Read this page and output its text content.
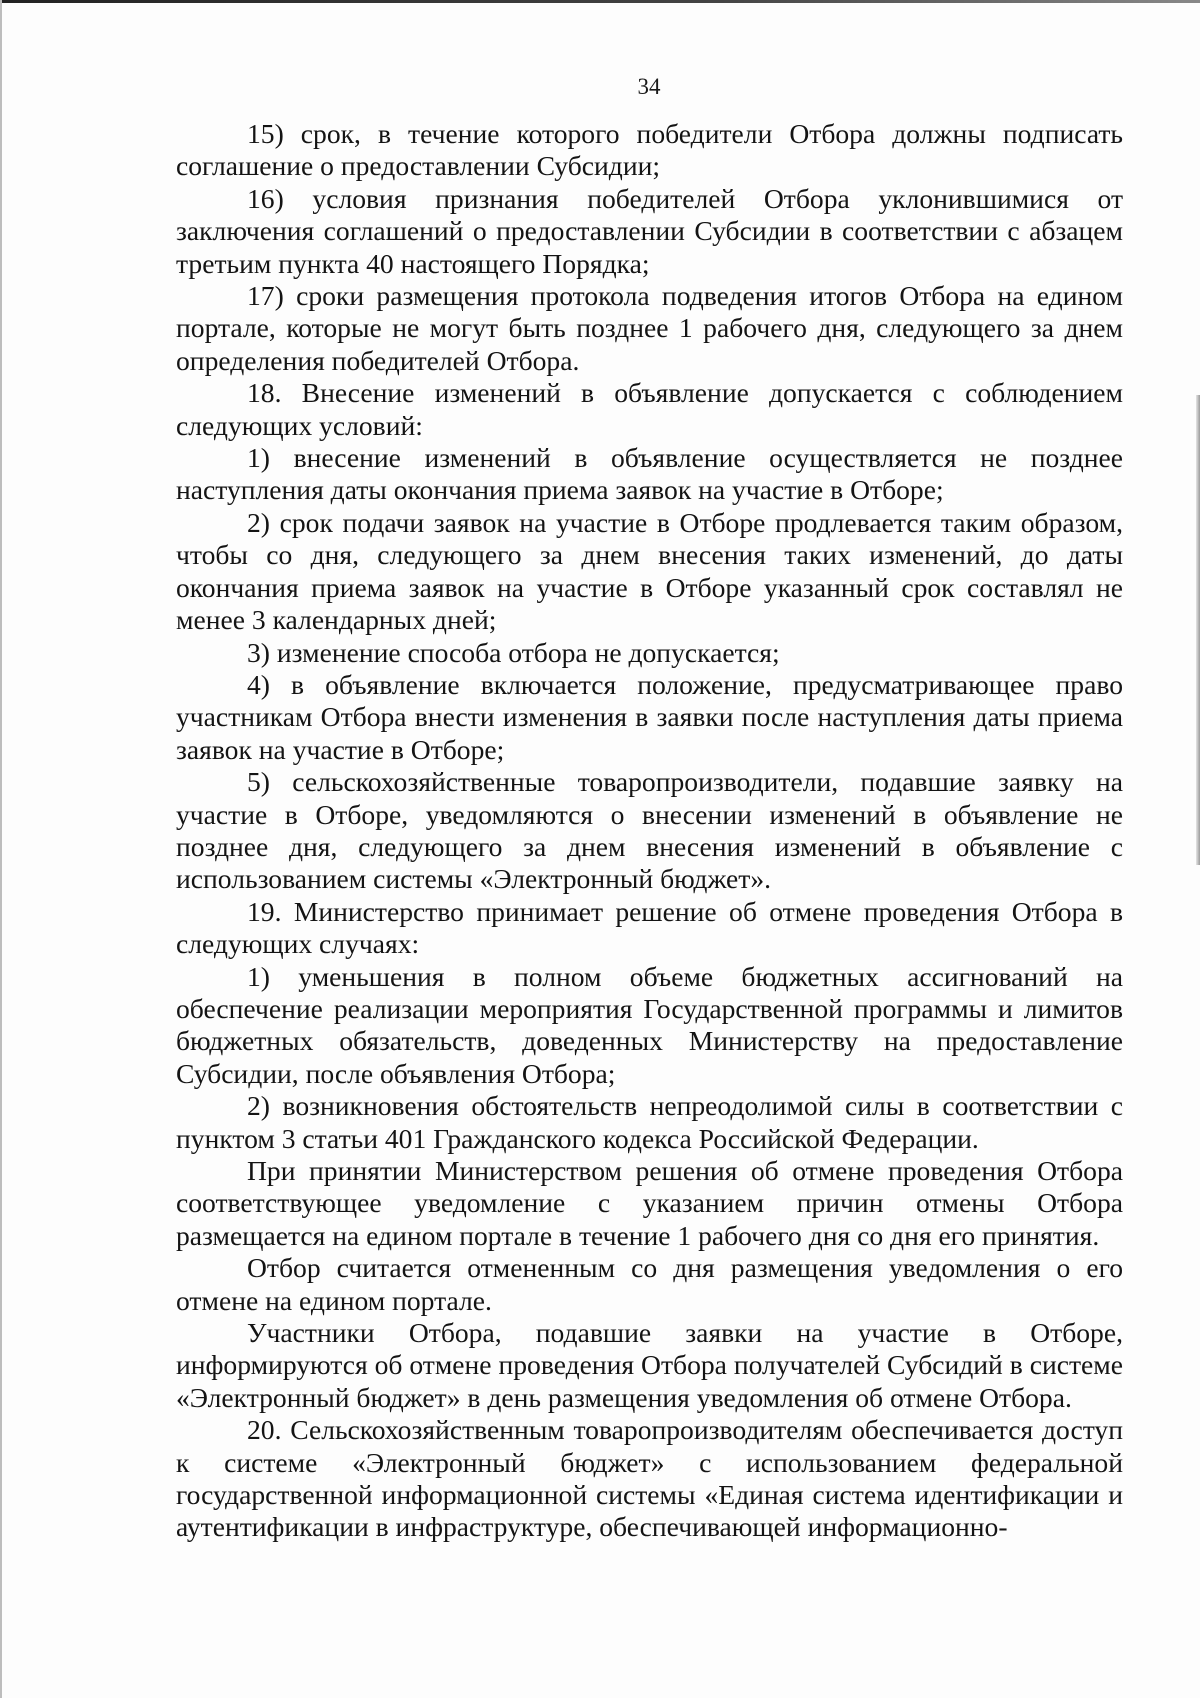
34

15) срок, в течение которого победители Отбора должны подписать соглашение о предоставлении Субсидии;

16) условия признания победителей Отбора уклонившимися от заключения соглашений о предоставлении Субсидии в соответствии с абзацем третьим пункта 40 настоящего Порядка;

17) сроки размещения протокола подведения итогов Отбора на едином портале, которые не могут быть позднее 1 рабочего дня, следующего за днем определения победителей Отбора.

18. Внесение изменений в объявление допускается с соблюдением следующих условий:

1) внесение изменений в объявление осуществляется не позднее наступления даты окончания приема заявок на участие в Отборе;

2) срок подачи заявок на участие в Отборе продлевается таким образом, чтобы со дня, следующего за днем внесения таких изменений, до даты окончания приема заявок на участие в Отборе указанный срок составлял не менее 3 календарных дней;

3) изменение способа отбора не допускается;

4) в объявление включается положение, предусматривающее право участникам Отбора внести изменения в заявки после наступления даты приема заявок на участие в Отборе;

5) сельскохозяйственные товаропроизводители, подавшие заявку на участие в Отборе, уведомляются о внесении изменений в объявление не позднее дня, следующего за днем внесения изменений в объявление с использованием системы «Электронный бюджет».

19. Министерство принимает решение об отмене проведения Отбора в следующих случаях:

1) уменьшения в полном объеме бюджетных ассигнований на обеспечение реализации мероприятия Государственной программы и лимитов бюджетных обязательств, доведенных Министерству на предоставление Субсидии, после объявления Отбора;

2) возникновения обстоятельств непреодолимой силы в соответствии с пунктом 3 статьи 401 Гражданского кодекса Российской Федерации.

При принятии Министерством решения об отмене проведения Отбора соответствующее уведомление с указанием причин отмены Отбора размещается на едином портале в течение 1 рабочего дня со дня его принятия.

Отбор считается отмененным со дня размещения уведомления о его отмене на едином портале.

Участники Отбора, подавшие заявки на участие в Отборе, информируются об отмене проведения Отбора получателей Субсидий в системе «Электронный бюджет» в день размещения уведомления об отмене Отбора.

20. Сельскохозяйственным товаропроизводителям обеспечивается доступ к системе «Электронный бюджет» с использованием федеральной государственной информационной системы «Единая система идентификации и аутентификации в инфраструктуре, обеспечивающей информационно-
